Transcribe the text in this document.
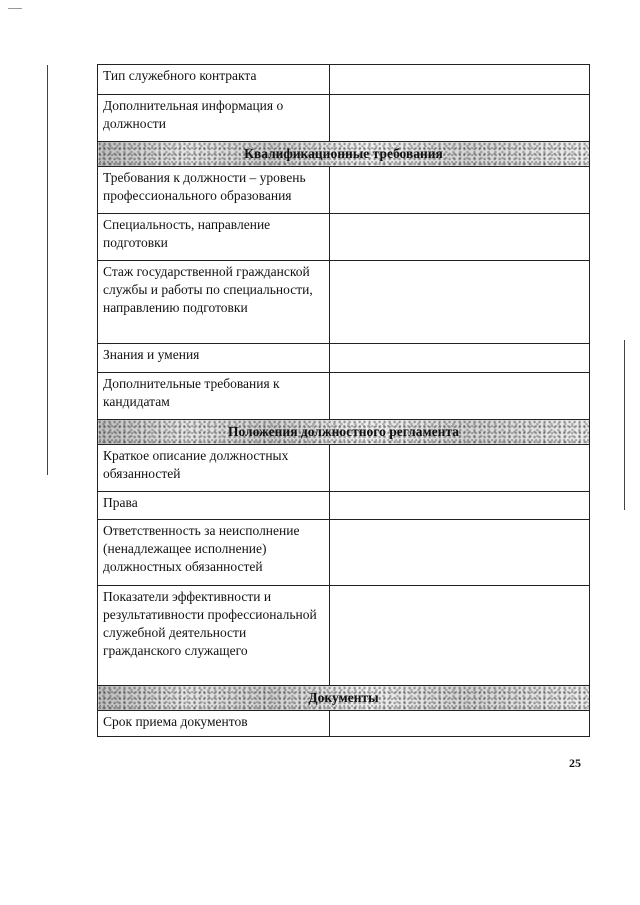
Тип служебного контракта	
Дополнительная информация о должности	
Квалификационные требования	
Требования к должности – уровень профессионального образования	
Специальность, направление подготовки	
Стаж государственной гражданской службы и работы по специальности, направлению подготовки	
Знания и умения	
Дополнительные требования к кандидатам	
Положения должностного регламента	
Краткое описание должностных обязанностей	
Права	
Ответственность за неисполнение (ненадлежащее исполнение) должностных обязанностей	
Показатели эффективности и результативности профессиональной служебной деятельности гражданского служащего	
Документы	
Срок приема документов	
25
